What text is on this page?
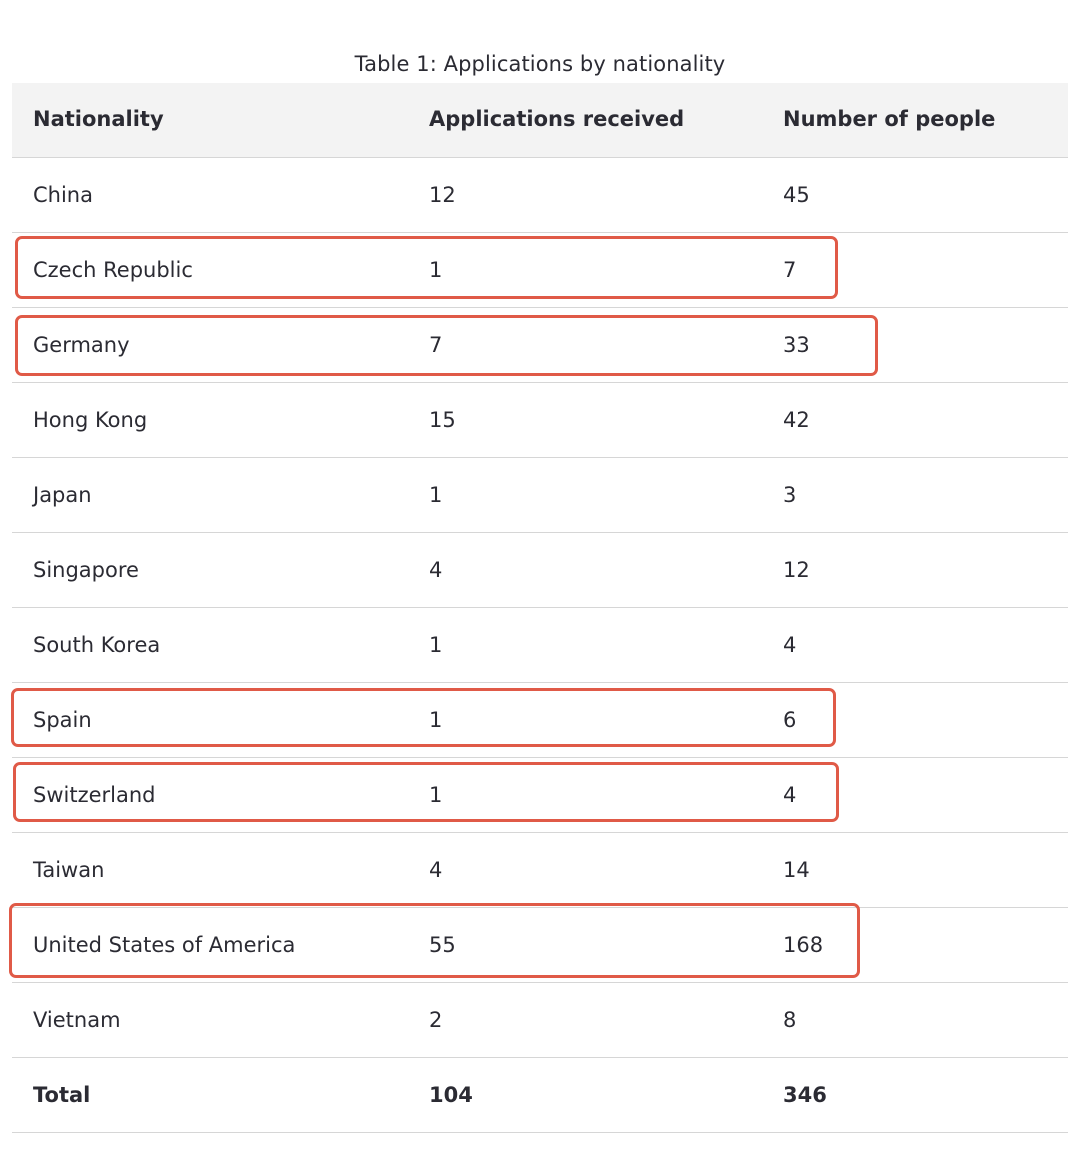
Table 1: Applications by nationality
Nationality	Applications received	Number of people
China	12	45
Czech Republic	1	7
Germany	7	33
Hong Kong	15	42
Japan	1	3
Singapore	4	12
South Korea	1	4
Spain	1	6
Switzerland	1	4
Taiwan	4	14
United States of America	55	168
Vietnam	2	8
Total	104	346
